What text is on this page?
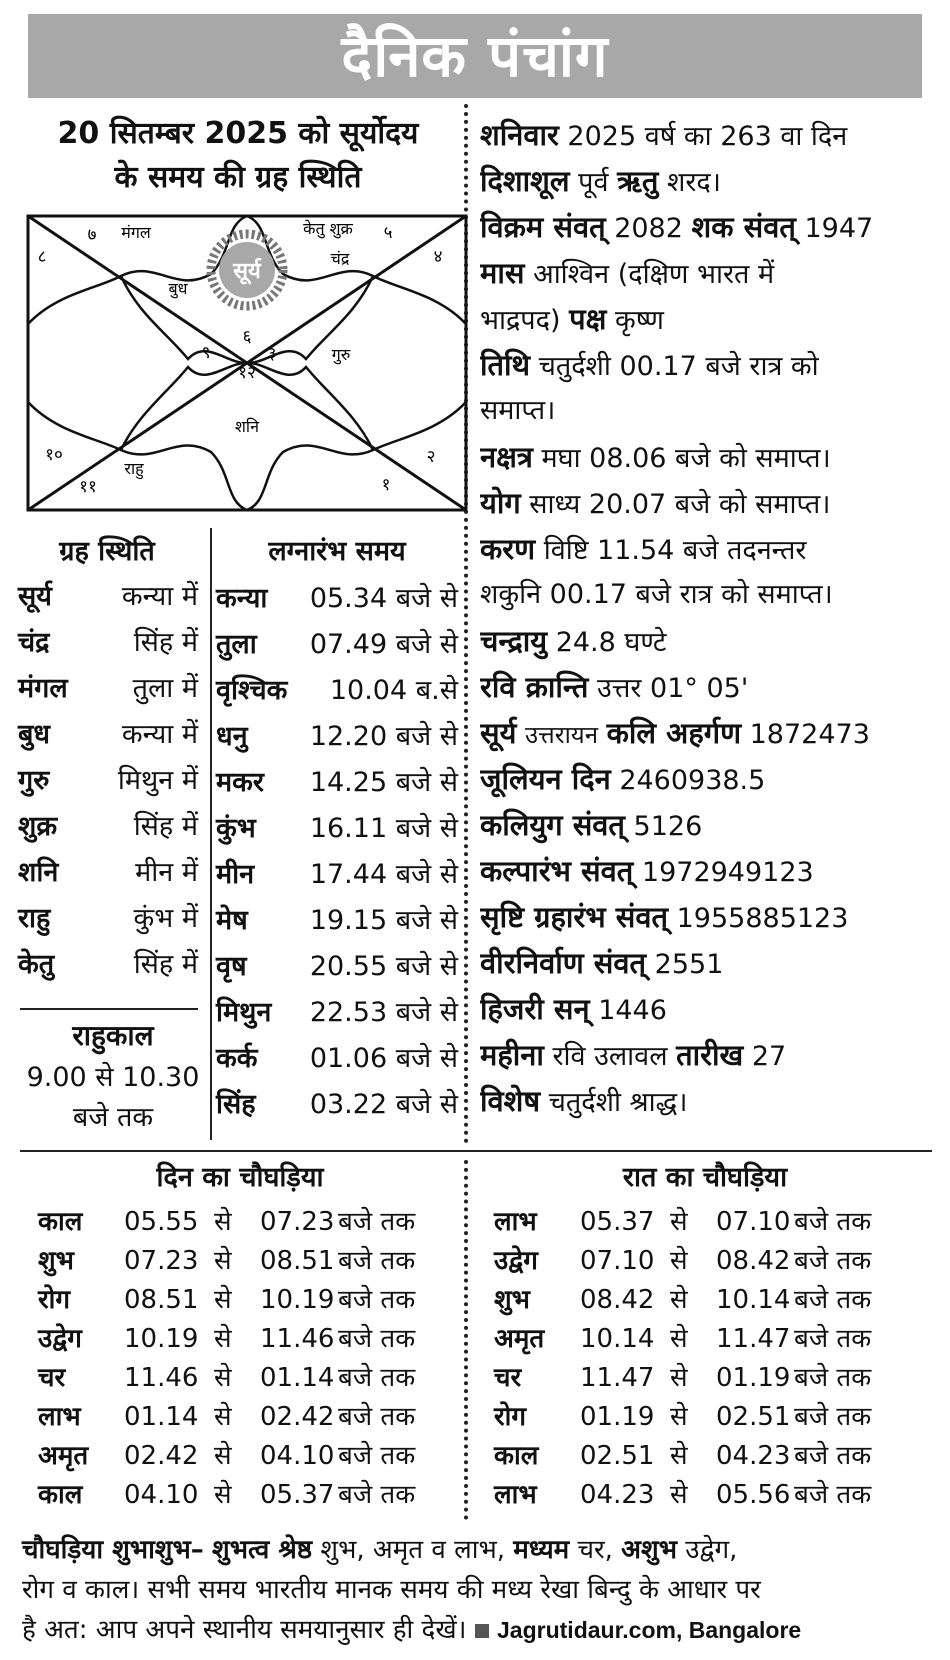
दैनिक पंचांग
20 सितम्बर 2025 को सूर्योदय
के समय की ग्रह स्थिति
सूर्य
६
७
८
९
१०
११
१२
१
२
३
४
५
मंगल	केतु शुक्र
चंद्र
बुध
गुरु
शनि
राहु
ग्रह स्थिति
सूर्य	कन्या में
चंद्र	सिंह में
मंगल तुला में
बुध	कन्या में
गुरु	मिथुन में
शुक्र	सिंह में
शनि	मीन में
राहु	कुंभ में
केतु	सिंह में
राहुकाल
9.00 से 10.30
बजे तक
लग्नारंभ समय
कन्या 05.34 बजे से
तुला 07.49 बजे से
वृश्चिक 10.04 ब.से
धनु 12.20 बजे से
मकर 14.25 बजे से
कुंभ 16.11 बजे से
मीन 17.44 बजे से
मेष 19.15 बजे से
वृष 20.55 बजे से
मिथुन 22.53 बजे से
कर्क 01.06 बजे से
सिंह 03.22 बजे से
शनिवार 2025 वर्ष का 263 वा दिन
दिशाशूल पूर्व ऋतु शरद।
विक्रम संवत् 2082 शक संवत् 1947
मास आश्विन (दक्षिण भारत में
भाद्रपद) पक्ष कृष्ण
तिथि चतुर्दशी 00.17 बजे रात्र को
समाप्त।
नक्षत्र मघा 08.06 बजे को समाप्त।
योग साध्य 20.07 बजे को समाप्त।
करण विष्टि 11.54 बजे तदनन्तर
शकुनि 00.17 बजे रात्र को समाप्त।
चन्द्रायु 24.8 घण्टे
रवि क्रान्ति उत्तर 01° 05'
सूर्य उत्तरायन कलि अहर्गण 1872473
जूलियन दिन 2460938.5
कलियुग संवत् 5126
कल्पारंभ संवत् 1972949123
सृष्टि ग्रहारंभ संवत् 1955885123
वीरनिर्वाण संवत् 2551
हिजरी सन् 1446
महीना रवि उलावल तारीख 27
विशेष चतुर्दशी श्राद्ध।
दिन का चौघड़िया	रात का चौघड़िया
काल 05.55 से 07.23 बजे तक
शुभ 07.23 से 08.51 बजे तक
रोग 08.51 से 10.19 बजे तक
उद्वेग 10.19 से 11.46 बजे तक
चर 11.46 से 01.14 बजे तक
लाभ 01.14 से 02.42 बजे तक
अमृत 02.42 से 04.10 बजे तक
काल 04.10 से 05.37 बजे तक
लाभ 05.37 से 07.10 बजे तक
उद्वेग 07.10 से 08.42 बजे तक
शुभ 08.42 से 10.14 बजे तक
अमृत 10.14 से 11.47 बजे तक
चर 11.47 से 01.19 बजे तक
रोग 01.19 से 02.51 बजे तक
काल 02.51 से 04.23 बजे तक
लाभ 04.23 से 05.56 बजे तक
चौघड़िया शुभाशुभ– शुभत्व श्रेष्ठ शुभ, अमृत व लाभ, मध्यम चर, अशुभ उद्वेग,
रोग व काल। सभी समय भारतीय मानक समय की मध्य रेखा बिन्दु के आधार पर
है अत: आप अपने स्थानीय समयानुसार ही देखें। Jagrutidaur.com, Bangalore
